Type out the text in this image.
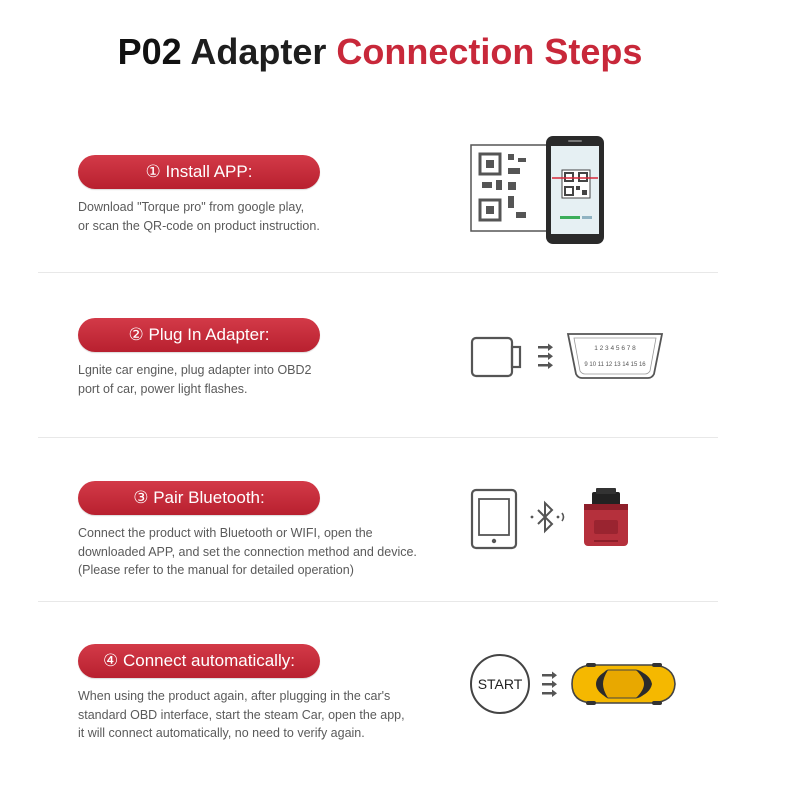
P02 Adapter Connection Steps
① Install APP:
Download "Torque pro" from google play,
or scan the QR-code on product instruction.
② Plug In Adapter:
Lgnite car engine, plug adapter into OBD2
port of car, power light flashes.
1 2 3 4 5 6 7 8
9 10 11 12 13 14 15 16
③ Pair Bluetooth:
Connect the product with Bluetooth or WIFI, open the
downloaded APP, and set the connection method and device.
(Please refer to the manual for detailed operation)
④ Connect automatically:
When using the product again, after plugging in the car's
standard OBD interface, start the steam Car, open the app,
it will connect automatically, no need to verify again.
START
